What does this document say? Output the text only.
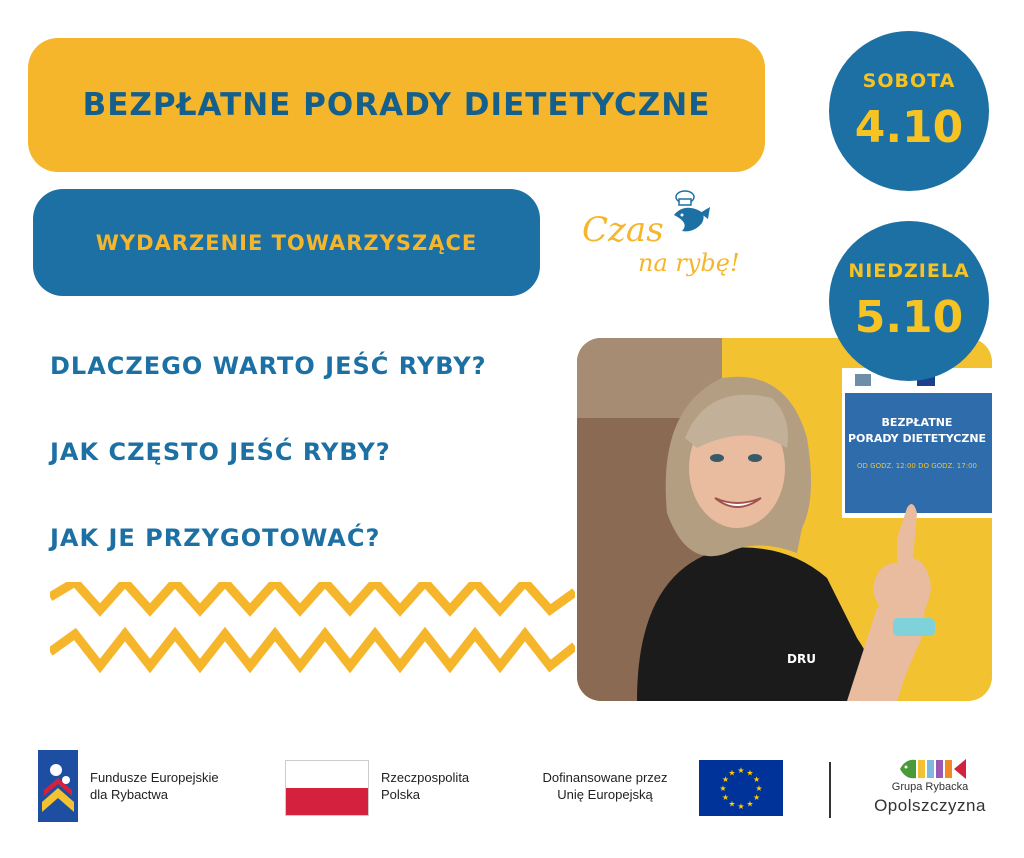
BEZPŁATNE PORADY DIETETYCZNE
WYDARZENIE TOWARZYSZĄCE
SOBOTA
4.10
NIEDZIELA
5.10
Czas
na rybę!
DLACZEGO WARTO JEŚĆ RYBY?
JAK CZĘSTO JEŚĆ RYBY?
JAK JE PRZYGOTOWAĆ?
BEZPŁATNE
PORADY DIETETYCZNE
OD GODZ. 12:00 DO GODZ. 17:00
DRU
Fundusze Europejskie
dla Rybactwa
Rzeczpospolita
Polska
Dofinansowane przez
Unię Europejską	★
★
★
★
★
★
★
★
★ ★ ★
★
Grupa Rybacka
Opolszczyzna
